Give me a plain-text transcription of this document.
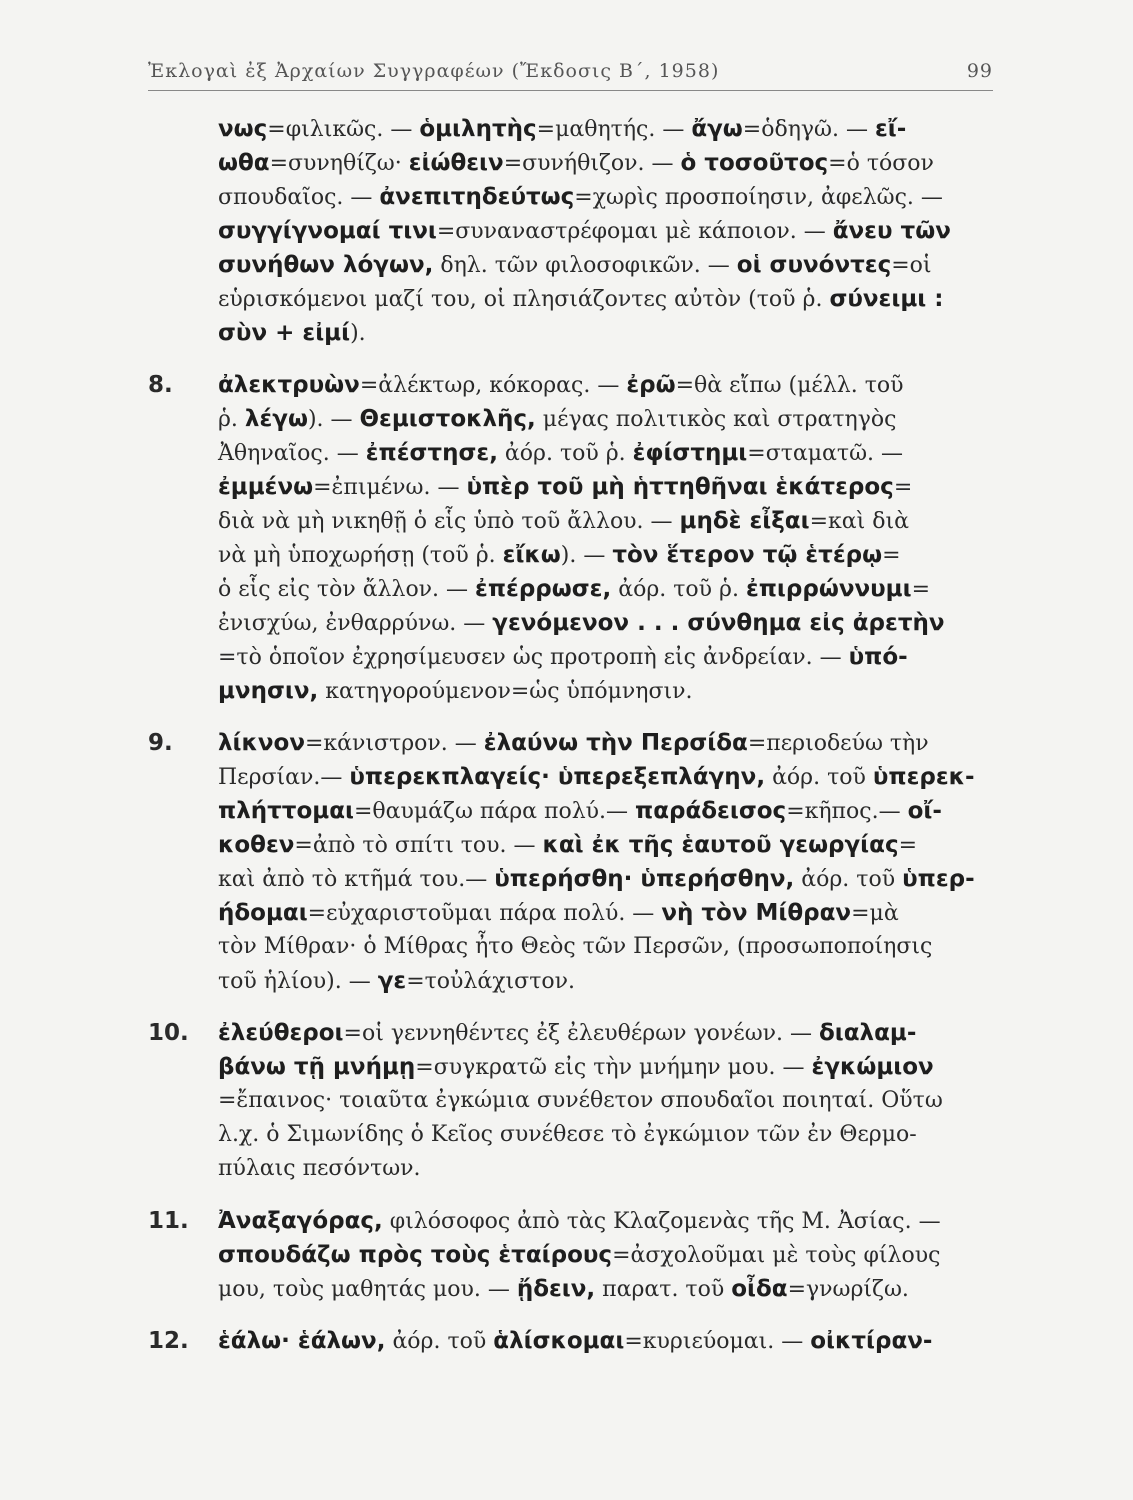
Ἐκλογαὶ ἐξ Ἀρχαίων Συγγραφέων (Ἔκδοσις Β΄, 1958)	99
νως=φιλικῶς. — ὁμιλητὴς=μαθητής. — ἄγω=ὁδηγῶ. — εἴ-
ωθα=συνηθίζω· εἰώθειν=συνήθιζον. — ὁ τοσοῦτος=ὁ τόσον
σπουδαῖος. — ἀνεπιτηδεύτως=χωρὶς προσποίησιν, ἀφελῶς. —
συγγίγνομαί τινι=συναναστρέφομαι μὲ κάποιον. — ἄνευ τῶν
συνήθων λόγων, δηλ. τῶν φιλοσοφικῶν. — οἱ συνόντες=οἱ
εὑρισκόμενοι μαζί του, οἱ πλησιάζοντες αὐτὸν (τοῦ ῥ. σύνειμι :
σὺν + εἰμί).
8. ἀλεκτρυὼν=ἀλέκτωρ, κόκορας. — ἐρῶ=θὰ εἴπω (μέλλ. τοῦ
ῥ. λέγω). — Θεμιστοκλῆς, μέγας πολιτικὸς καὶ στρατηγὸς
Ἀθηναῖος. — ἐπέστησε, ἀόρ. τοῦ ῥ. ἐφίστημι=σταματῶ. —
ἐμμένω=ἐπιμένω. — ὑπὲρ τοῦ μὴ ἡττηθῆναι ἑκάτερος=
διὰ νὰ μὴ νικηθῇ ὁ εἷς ὑπὸ τοῦ ἄλλου. — μηδὲ εἶξαι=καὶ διὰ
νὰ μὴ ὑποχωρήσῃ (τοῦ ῥ. εἴκω). — τὸν ἕτερον τῷ ἑτέρῳ=
ὁ εἷς εἰς τὸν ἄλλον. — ἐπέρρωσε, ἀόρ. τοῦ ῥ. ἐπιρρώννυμι=
ἐνισχύω, ἐνθαρρύνω. — γενόμενον . . . σύνθημα εἰς ἀρετὴν
=τὸ ὁποῖον ἐχρησίμευσεν ὡς προτροπὴ εἰς ἀνδρείαν. — ὑπό-
μνησιν, κατηγορούμενον=ὡς ὑπόμνησιν.
9. λίκνον=κάνιστρον. — ἐλαύνω τὴν Περσίδα=περιοδεύω τὴν
Περσίαν.— ὑπερεκπλαγείς· ὑπερεξεπλάγην, ἀόρ. τοῦ ὑπερεκ-
πλήττομαι=θαυμάζω πάρα πολύ.— παράδεισος=κῆπος.— οἴ-
κοθεν=ἀπὸ τὸ σπίτι του. — καὶ ἐκ τῆς ἑαυτοῦ γεωργίας=
καὶ ἀπὸ τὸ κτῆμά του.— ὑπερήσθη· ὑπερήσθην, ἀόρ. τοῦ ὑπερ-
ήδομαι=εὐχαριστοῦμαι πάρα πολύ. — νὴ τὸν Μίθραν=μὰ
τὸν Μίθραν· ὁ Μίθρας ἦτο Θεὸς τῶν Περσῶν, (προσωποποίησις
τοῦ ἡλίου). — γε=τοὐλάχιστον.
10. ἐλεύθεροι=οἱ γεννηθέντες ἐξ ἐλευθέρων γονέων. — διαλαμ-
βάνω τῇ μνήμῃ=συγκρατῶ εἰς τὴν μνήμην μου. — ἐγκώμιον
=ἔπαινος· τοιαῦτα ἐγκώμια συνέθετον σπουδαῖοι ποιηταί. Οὕτω
λ.χ. ὁ Σιμωνίδης ὁ Κεῖος συνέθεσε τὸ ἐγκώμιον τῶν ἐν Θερμο-
πύλαις πεσόντων.
11. Ἀναξαγόρας, φιλόσοφος ἀπὸ τὰς Κλαζομενὰς τῆς Μ. Ἀσίας. —
σπουδάζω πρὸς τοὺς ἑταίρους=ἀσχολοῦμαι μὲ τοὺς φίλους
μου, τοὺς μαθητάς μου. — ᾔδειν, παρατ. τοῦ οἶδα=γνωρίζω.
12. ἑάλω· ἑάλων, ἀόρ. τοῦ ἁλίσκομαι=κυριεύομαι. — οἰκτίραν-
